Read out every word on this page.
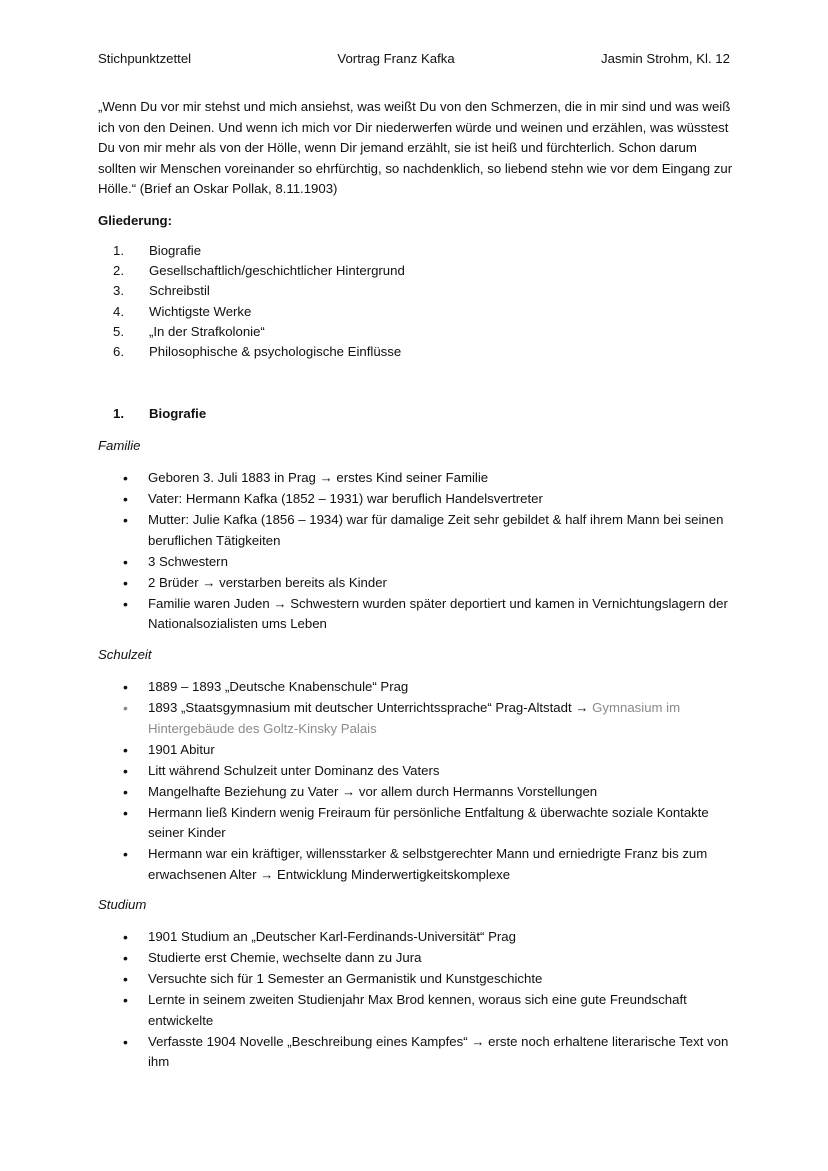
Stichpunktzettel	Vortrag Franz Kafka	Jasmin Strohm, Kl. 12
„Wenn Du vor mir stehst und mich ansiehst, was weißt Du von den Schmerzen, die in mir sind und was weiß ich von den Deinen. Und wenn ich mich vor Dir niederwerfen würde und weinen und erzählen, was wüsstest Du von mir mehr als von der Hölle, wenn Dir jemand erzählt, sie ist heiß und fürchterlich. Schon darum sollten wir Menschen voreinander so ehrfürchtig, so nachdenklich, so liebend stehn wie vor dem Eingang zur Hölle.“ (Brief an Oskar Pollak, 8.11.1903)
Gliederung:
1.	Biografie
2.	Gesellschaftlich/geschichtlicher Hintergrund
3.	Schreibstil
4.	Wichtigste Werke
5.	„In der Strafkolonie“
6.	Philosophische & psychologische Einflüsse
1.	Biografie
Familie
•	Geboren 3. Juli 1883 in Prag → erstes Kind seiner Familie
•	Vater: Hermann Kafka (1852 – 1931) war beruflich Handelsvertreter
•	Mutter: Julie Kafka (1856 – 1934) war für damalige Zeit sehr gebildet & half ihrem Mann bei seinen beruflichen Tätigkeiten
•	3 Schwestern
•	2 Brüder → verstarben bereits als Kinder
•	Familie waren Juden → Schwestern wurden später deportiert und kamen in Vernichtungslagern der Nationalsozialisten ums Leben
Schulzeit
•	1889 – 1893 „Deutsche Knabenschule“ Prag
•	1893 „Staatsgymnasium mit deutscher Unterrichtssprache“ Prag-Altstadt → Gymnasium im Hintergebäude des Goltz-Kinsky Palais
•	1901 Abitur
•	Litt während Schulzeit unter Dominanz des Vaters
•	Mangelhafte Beziehung zu Vater → vor allem durch Hermanns Vorstellungen
•	Hermann ließ Kindern wenig Freiraum für persönliche Entfaltung & überwachte soziale Kontakte seiner Kinder
•	Hermann war ein kräftiger, willensstarker & selbstgerechter Mann und erniedrigte Franz bis zum erwachsenen Alter → Entwicklung Minderwertigkeitskomplexe
Studium
•	1901 Studium an „Deutscher Karl-Ferdinands-Universität“ Prag
•	Studierte erst Chemie, wechselte dann zu Jura
•	Versuchte sich für 1 Semester an Germanistik und Kunstgeschichte
•	Lernte in seinem zweiten Studienjahr Max Brod kennen, woraus sich eine gute Freundschaft entwickelte
•	Verfasste 1904 Novelle „Beschreibung eines Kampfes“ → erste noch erhaltene literarische Text von ihm
